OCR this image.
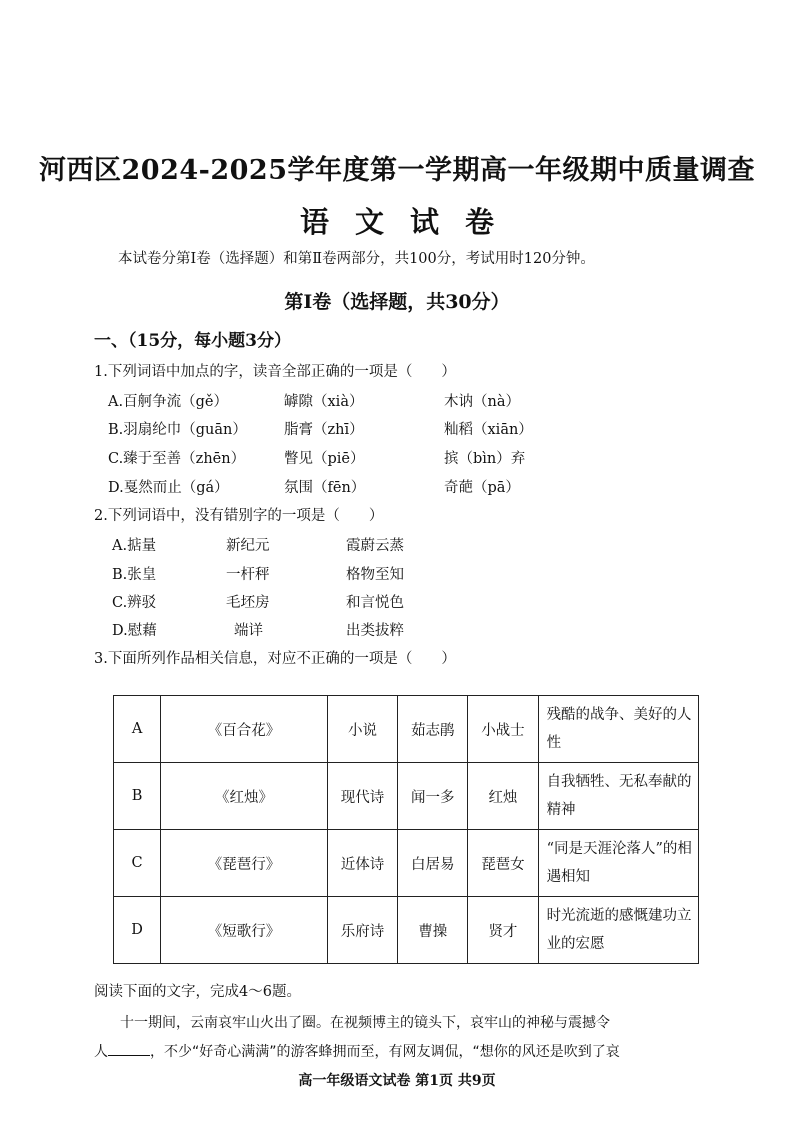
河西区2024-2025学年度第一学期高一年级期中质量调查
语文试卷
本试卷分第Ⅰ卷（选择题）和第Ⅱ卷两部分，共100分，考试用时120分钟。
第Ⅰ卷（选择题，共30分）
一、（15分，每小题3分）
1.下列词语中加点的字，读音全部正确的一项是（　　）
A.百舸争流（gě）	罅隙（xià）	木讷（nà）
B.羽扇纶巾（guān）	脂膏（zhī）	籼稻（xiān）
C.臻于至善（zhēn）	瞥见（piē）	摈（bìn）弃
D.戛然而止（gá）	氛围（fēn）	奇葩（pā）
2.下列词语中，没有错别字的一项是（　　）
A.掂量	新纪元	霞蔚云蒸
B.张皇	一杆秤	格物至知
C.辨驳	毛坯房	和言悦色
D.慰藉	端详	出类拔粹
3.下面所列作品相关信息，对应不正确的一项是（　　）
A	《百合花》	小说	茹志鹃	小战士	残酷的战争、美好的人性
B	《红烛》	现代诗	闻一多	红烛	自我牺牲、无私奉献的精神
C	《琵琶行》	近体诗	白居易	琵琶女	“同是天涯沦落人”的相遇相知
D	《短歌行》	乐府诗	曹操	贤才	时光流逝的感慨建功立业的宏愿
阅读下面的文字，完成4～6题。
十一期间，云南哀牢山火出了圈。在视频博主的镜头下，哀牢山的神秘与震撼令
人	，不少“好奇心满满”的游客蜂拥而至，有网友调侃，“想你的风还是吹到了哀
高一年级语文试卷 第1页 共9页
